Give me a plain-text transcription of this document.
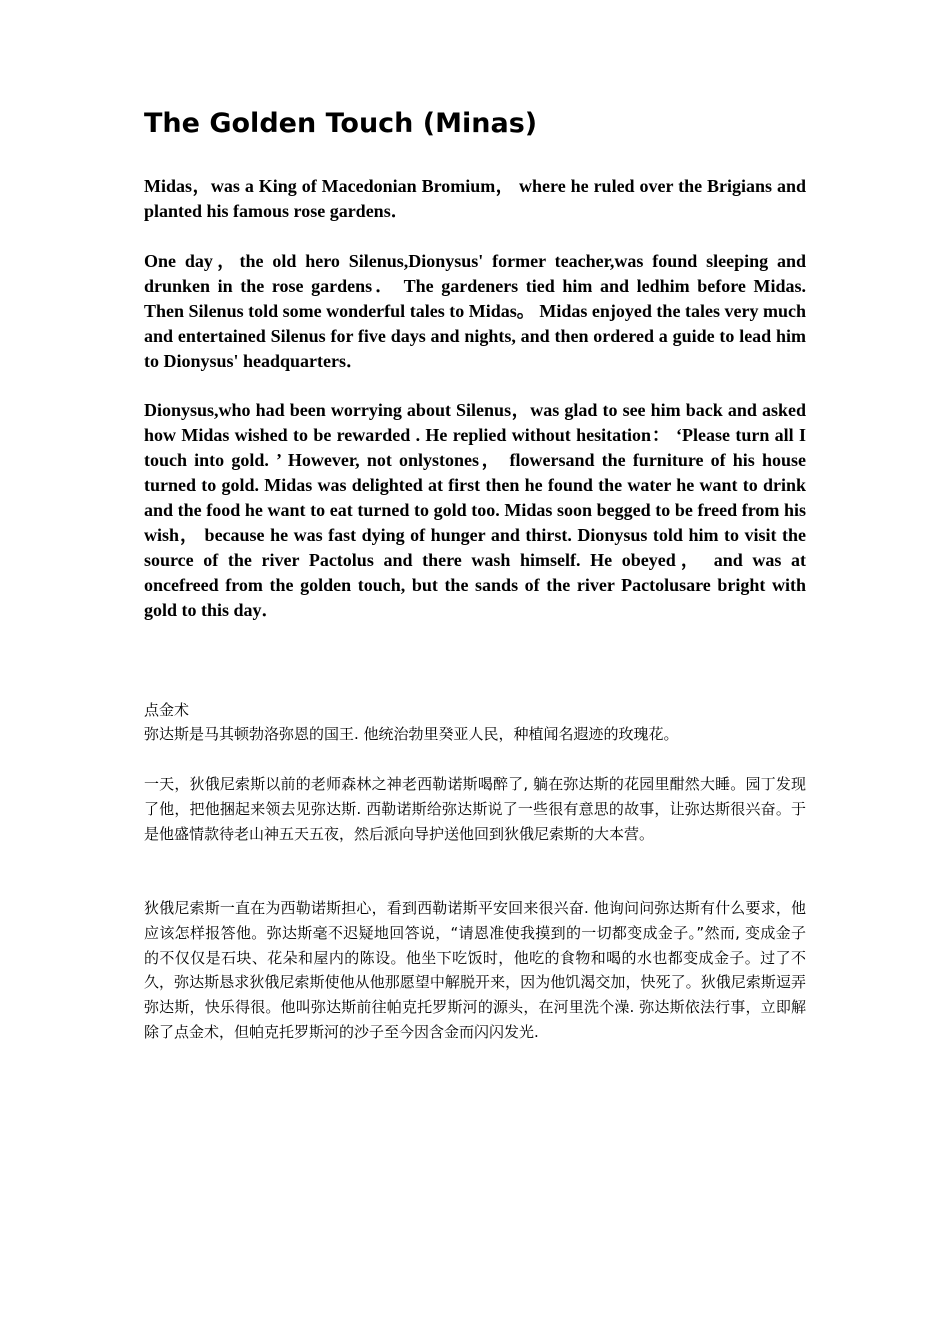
The Golden Touch (Minas)

Midas，was a King of Macedonian Bromium， where he ruled over the Brigians and planted his famous rose gardens．

One day，the old hero Silenus,Dionysus' former teacher,was found sleeping and drunken in the rose gardens． The gardeners tied him and ledhim before Midas. Then Silenus told some wonderful tales to Midas。 Midas enjoyed the tales very much and entertained Silenus for five days and nights, and then ordered a guide to lead him to Dionysus' headquarters．

Dionysus,who had been worrying about Silenus，was glad to see him back and asked how Midas wished to be rewarded . He replied without hesitation： ‘Please turn all I touch into gold. ’ However, not onlystones， flowersand the furniture of his house turned to gold. Midas was delighted at first then he found the water he want to drink and the food he want to eat turned to gold too. Midas soon begged to be freed from his wish， because he was fast dying of hunger and thirst. Dionysus told him to visit the source of the river Pactolus and there wash himself. He obeyed， and was at oncefreed from the golden touch, but the sands of the river Pactolusare bright with gold to this day．

点金术

弥达斯是马其顿勃洛弥恩的国王. 他统治勃里癸亚人民，种植闻名遐迹的玫瑰花。

一天，狄俄尼索斯以前的老师森林之神老西勒诺斯喝醉了, 躺在弥达斯的花园里酣然大睡。园丁发现了他，把他捆起来领去见弥达斯. 西勒诺斯给弥达斯说了一些很有意思的故事，让弥达斯很兴奋。于是他盛情款待老山神五天五夜，然后派向导护送他回到狄俄尼索斯的大本营。

狄俄尼索斯一直在为西勒诺斯担心，看到西勒诺斯平安回来很兴奋. 他询问问弥达斯有什么要求，他应该怎样报答他。弥达斯毫不迟疑地回答说，“请恩准使我摸到的一切都变成金子。”然而, 变成金子的不仅仅是石块、花朵和屋内的陈设。他坐下吃饭时，他吃的食物和喝的水也都变成金子。过了不久，弥达斯恳求狄俄尼索斯使他从他那愿望中解脱开来，因为他饥渴交加，快死了。狄俄尼索斯逗弄弥达斯，快乐得很。他叫弥达斯前往帕克托罗斯河的源头，在河里洗个澡. 弥达斯依法行事，立即解除了点金术，但帕克托罗斯河的沙子至今因含金而闪闪发光.
